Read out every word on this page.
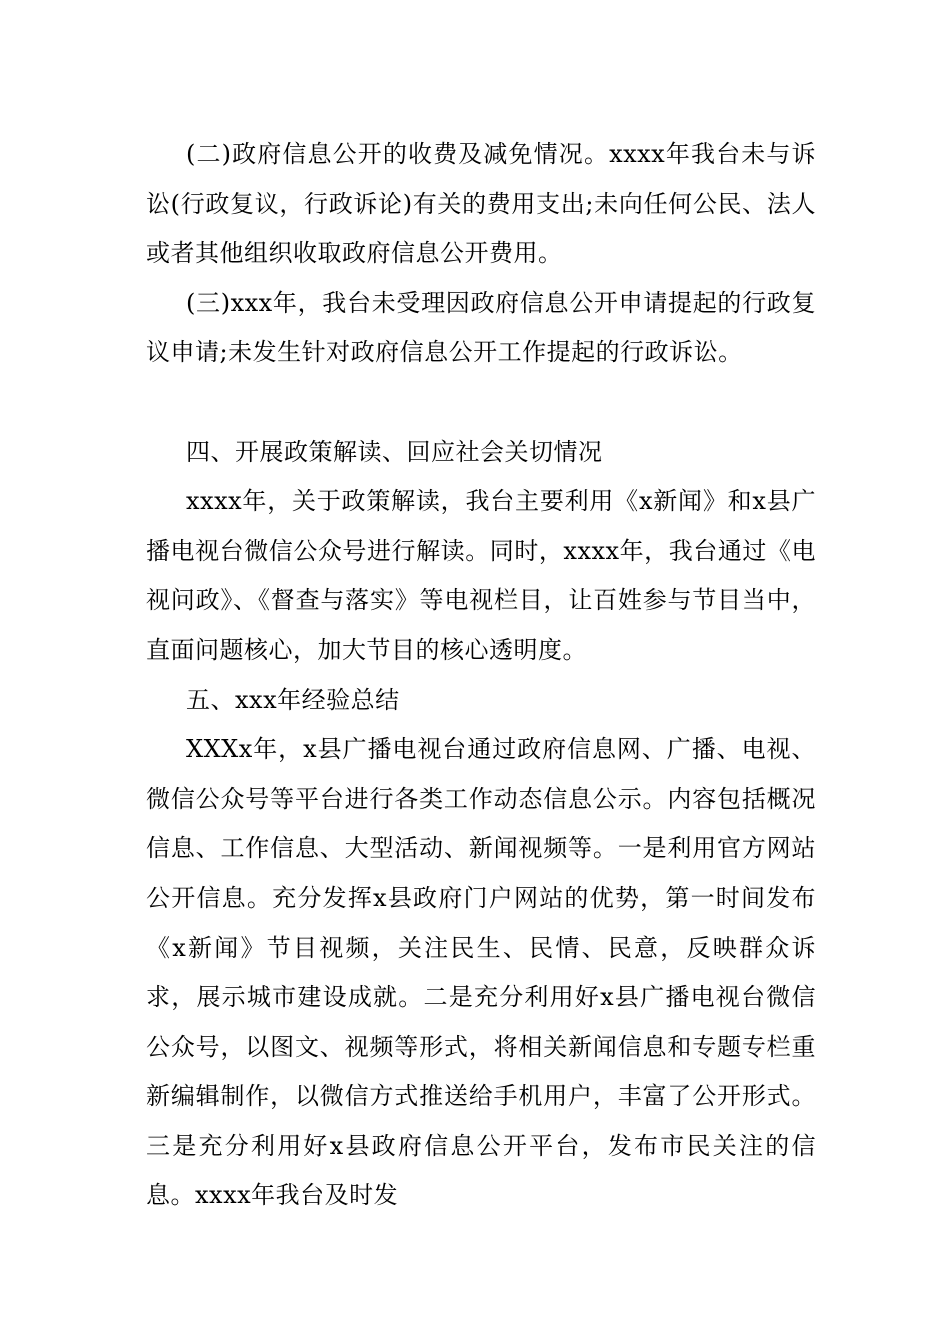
(二)政府信息公开的收费及减免情况。xxxx年我台未与诉讼(行政复议，行政诉论)有关的费用支出;未向任何公民、法人或者其他组织收取政府信息公开费用。

(三)xxx年，我台未受理因政府信息公开申请提起的行政复议申请;未发生针对政府信息公开工作提起的行政诉讼。

四、开展政策解读、回应社会关切情况

xxxx年，关于政策解读，我台主要利用《x新闻》和x县广播电视台微信公众号进行解读。同时，xxxx年，我台通过《电视问政》、《督查与落实》等电视栏目，让百姓参与节目当中，直面问题核心，加大节目的核心透明度。

五、xxx年经验总结

XXXx年，x县广播电视台通过政府信息网、广播、电视、微信公众号等平台进行各类工作动态信息公示。内容包括概况信息、工作信息、大型活动、新闻视频等。一是利用官方网站公开信息。充分发挥x县政府门户网站的优势，第一时间发布《x新闻》节目视频，关注民生、民情、民意，反映群众诉求，展示城市建设成就。二是充分利用好x县广播电视台微信公众号，以图文、视频等形式，将相关新闻信息和专题专栏重新编辑制作，以微信方式推送给手机用户，丰富了公开形式。三是充分利用好x县政府信息公开平台，发布市民关注的信息。xxxx年我台及时发
